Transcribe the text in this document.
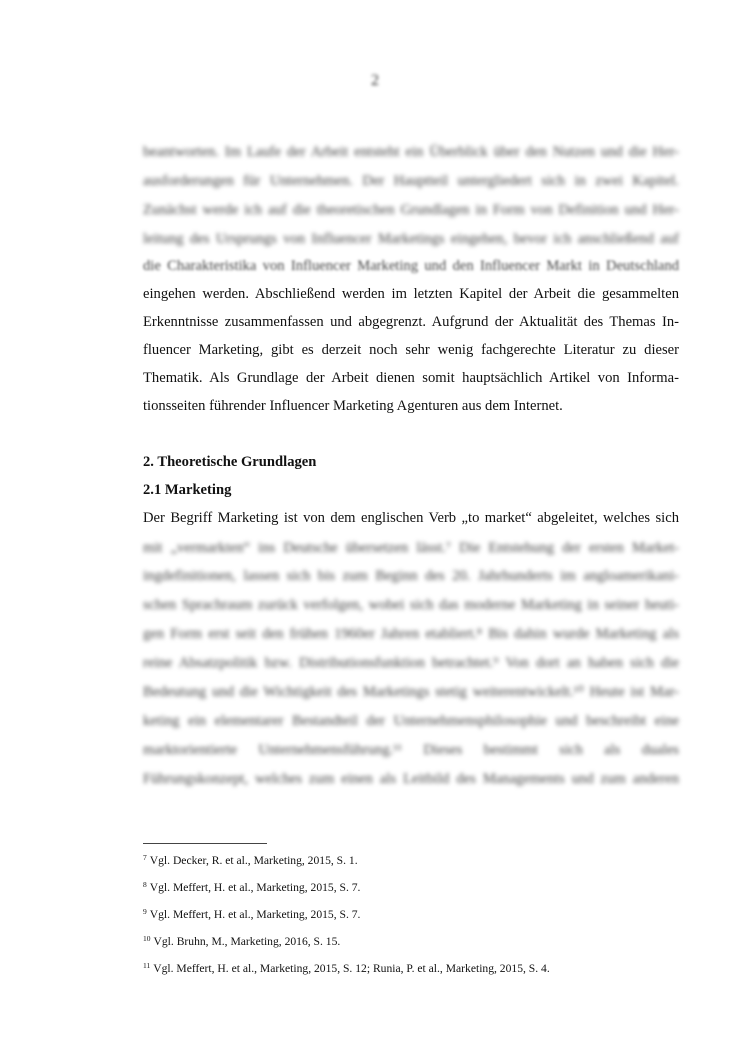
2
beantworten. Im Laufe der Arbeit entsteht ein Überblick über den Nutzen und die Her-
ausforderungen für Unternehmen. Der Hauptteil untergliedert sich in zwei Kapitel.
Zunächst werde ich auf die theoretischen Grundlagen in Form von Definition und Her-
leitung des Ursprungs von Influencer Marketings eingehen, bevor ich anschließend auf
die Charakteristika von Influencer Marketing und den Influencer Markt in Deutschland
eingehen werden. Abschließend werden im letzten Kapitel der Arbeit die gesammelten
Erkenntnisse zusammenfassen und abgegrenzt. Aufgrund der Aktualität des Themas In-
fluencer Marketing, gibt es derzeit noch sehr wenig fachgerechte Literatur zu dieser
Thematik. Als Grundlage der Arbeit dienen somit hauptsächlich Artikel von Informa-
tionsseiten führender Influencer Marketing Agenturen aus dem Internet.
2. Theoretische Grundlagen
2.1 Marketing
Der Begriff Marketing ist von dem englischen Verb „to market“ abgeleitet, welches sich
mit „vermarkten“ ins Deutsche übersetzen lässt.⁷ Die Entstehung der ersten Market-
ingdefinitionen, lassen sich bis zum Beginn des 20. Jahrhunderts im angloamerikani-
schen Sprachraum zurück verfolgen, wobei sich das moderne Marketing in seiner heuti-
gen Form erst seit den frühen 1960er Jahren etabliert.⁸ Bis dahin wurde Marketing als
reine Absatzpolitik bzw. Distributionsfunktion betrachtet.⁹ Von dort an haben sich die
Bedeutung und die Wichtigkeit des Marketings stetig weiterentwickelt.¹⁰ Heute ist Mar-
keting ein elementarer Bestandteil der Unternehmensphilosophie und beschreibt eine
marktorientierte Unternehmensführung.¹¹ Dieses bestimmt sich als duales
Führungskonzept, welches zum einen als Leitbild des Managements und zum anderen
$^7$ Vgl. Decker, R. et al., Marketing, 2015, S. 1.
$^8$ Vgl. Meffert, H. et al., Marketing, 2015, S. 7.
$^9$ Vgl. Meffert, H. et al., Marketing, 2015, S. 7.
$^{10}$ Vgl. Bruhn, M., Marketing, 2016, S. 15.
$^{11}$ Vgl. Meffert, H. et al., Marketing, 2015, S. 12; Runia, P. et al., Marketing, 2015, S. 4.
